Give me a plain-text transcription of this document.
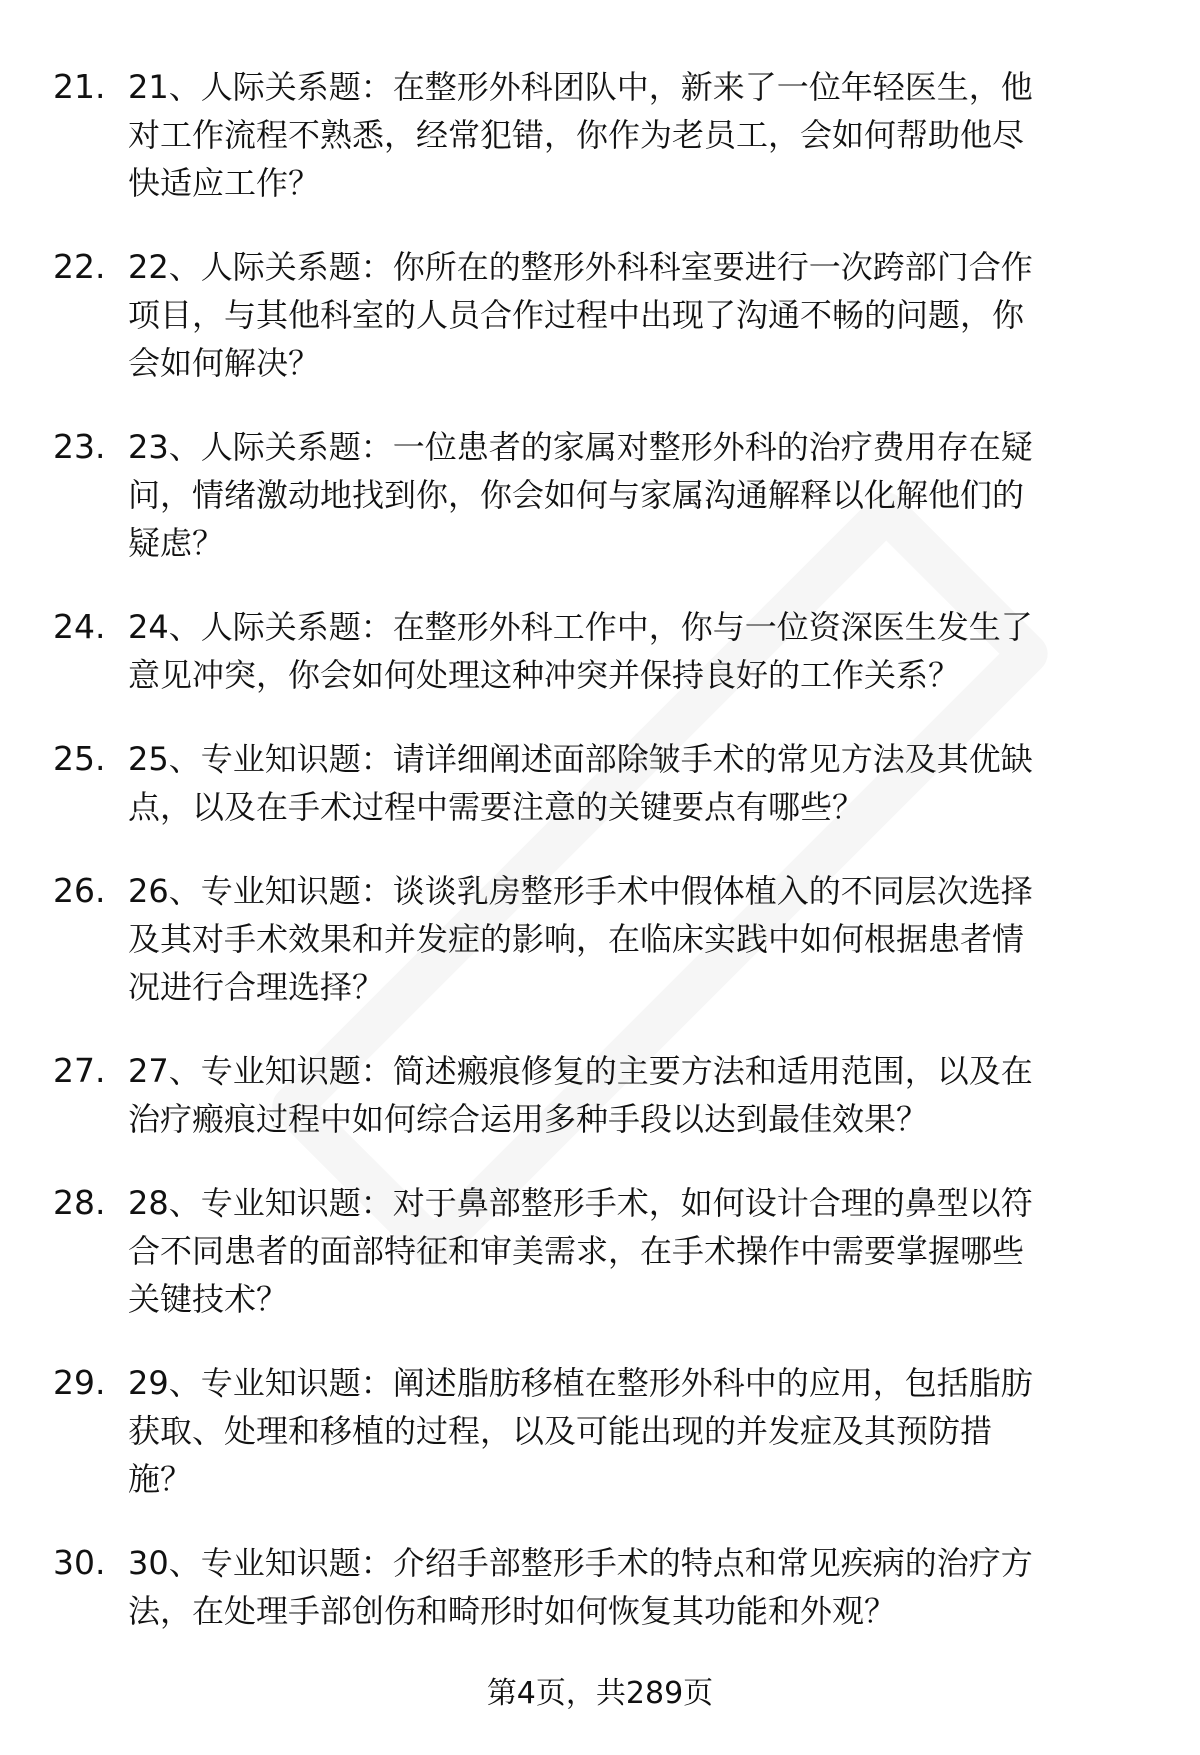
21. 21、人际关系题：在整形外科团队中，新来了一位年轻医生，他
对工作流程不熟悉，经常犯错，你作为老员工，会如何帮助他尽
快适应工作？
22. 22、人际关系题：你所在的整形外科科室要进行一次跨部门合作
项目，与其他科室的人员合作过程中出现了沟通不畅的问题，你
会如何解决？
23. 23、人际关系题：一位患者的家属对整形外科的治疗费用存在疑
问，情绪激动地找到你，你会如何与家属沟通解释以化解他们的
疑虑？
24. 24、人际关系题：在整形外科工作中，你与一位资深医生发生了
意见冲突，你会如何处理这种冲突并保持良好的工作关系？
25. 25、专业知识题：请详细阐述面部除皱手术的常见方法及其优缺
点，以及在手术过程中需要注意的关键要点有哪些？
26. 26、专业知识题：谈谈乳房整形手术中假体植入的不同层次选择
及其对手术效果和并发症的影响，在临床实践中如何根据患者情
况进行合理选择？
27. 27、专业知识题：简述瘢痕修复的主要方法和适用范围，以及在
治疗瘢痕过程中如何综合运用多种手段以达到最佳效果？
28. 28、专业知识题：对于鼻部整形手术，如何设计合理的鼻型以符
合不同患者的面部特征和审美需求，在手术操作中需要掌握哪些
关键技术？
29. 29、专业知识题：阐述脂肪移植在整形外科中的应用，包括脂肪
获取、处理和移植的过程，以及可能出现的并发症及其预防措
施？
30. 30、专业知识题：介绍手部整形手术的特点和常见疾病的治疗方
法，在处理手部创伤和畸形时如何恢复其功能和外观？
第4页，共289页
